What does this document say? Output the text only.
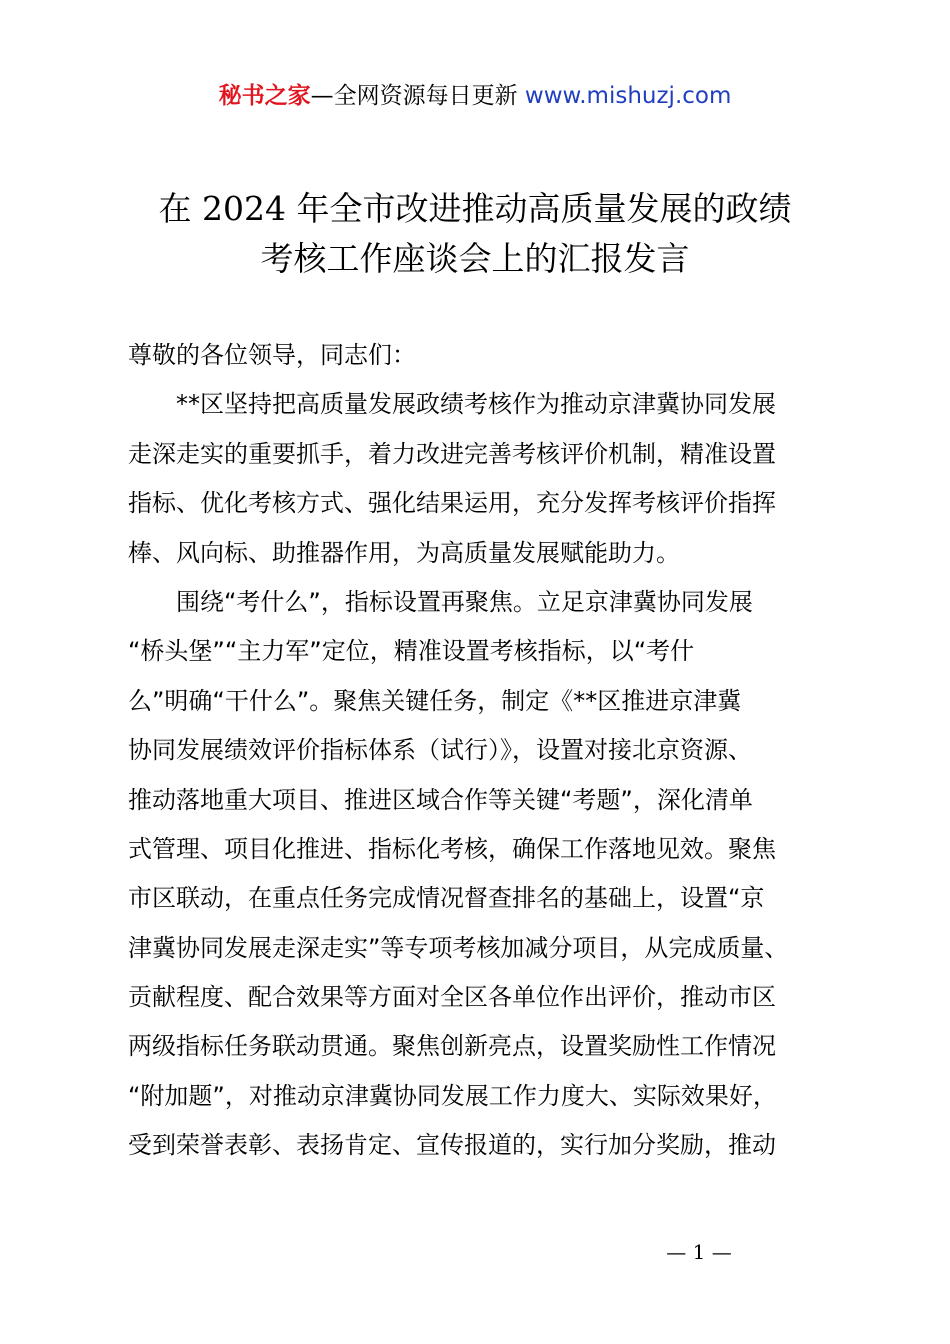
秘书之家—全网资源每日更新 www.mishuzj.com
在 2024 年全市改进推动高质量发展的政绩
考核工作座谈会上的汇报发言
尊敬的各位领导，同志们：
**区坚持把高质量发展政绩考核作为推动京津冀协同发展
走深走实的重要抓手，着力改进完善考核评价机制，精准设置
指标、优化考核方式、强化结果运用，充分发挥考核评价指挥
棒、风向标、助推器作用，为高质量发展赋能助力。
围绕“考什么”，指标设置再聚焦。立足京津冀协同发展
“桥头堡”“主力军”定位，精准设置考核指标，以“考什
么”明确“干什么”。聚焦关键任务，制定《**区推进京津冀
协同发展绩效评价指标体系（试行）》，设置对接北京资源、
推动落地重大项目、推进区域合作等关键“考题”，深化清单
式管理、项目化推进、指标化考核，确保工作落地见效。聚焦
市区联动，在重点任务完成情况督查排名的基础上，设置“京
津冀协同发展走深走实”等专项考核加减分项目，从完成质量、
贡献程度、配合效果等方面对全区各单位作出评价，推动市区
两级指标任务联动贯通。聚焦创新亮点，设置奖励性工作情况
“附加题”，对推动京津冀协同发展工作力度大、实际效果好，
受到荣誉表彰、表扬肯定、宣传报道的，实行加分奖励，推动
— 1 —
